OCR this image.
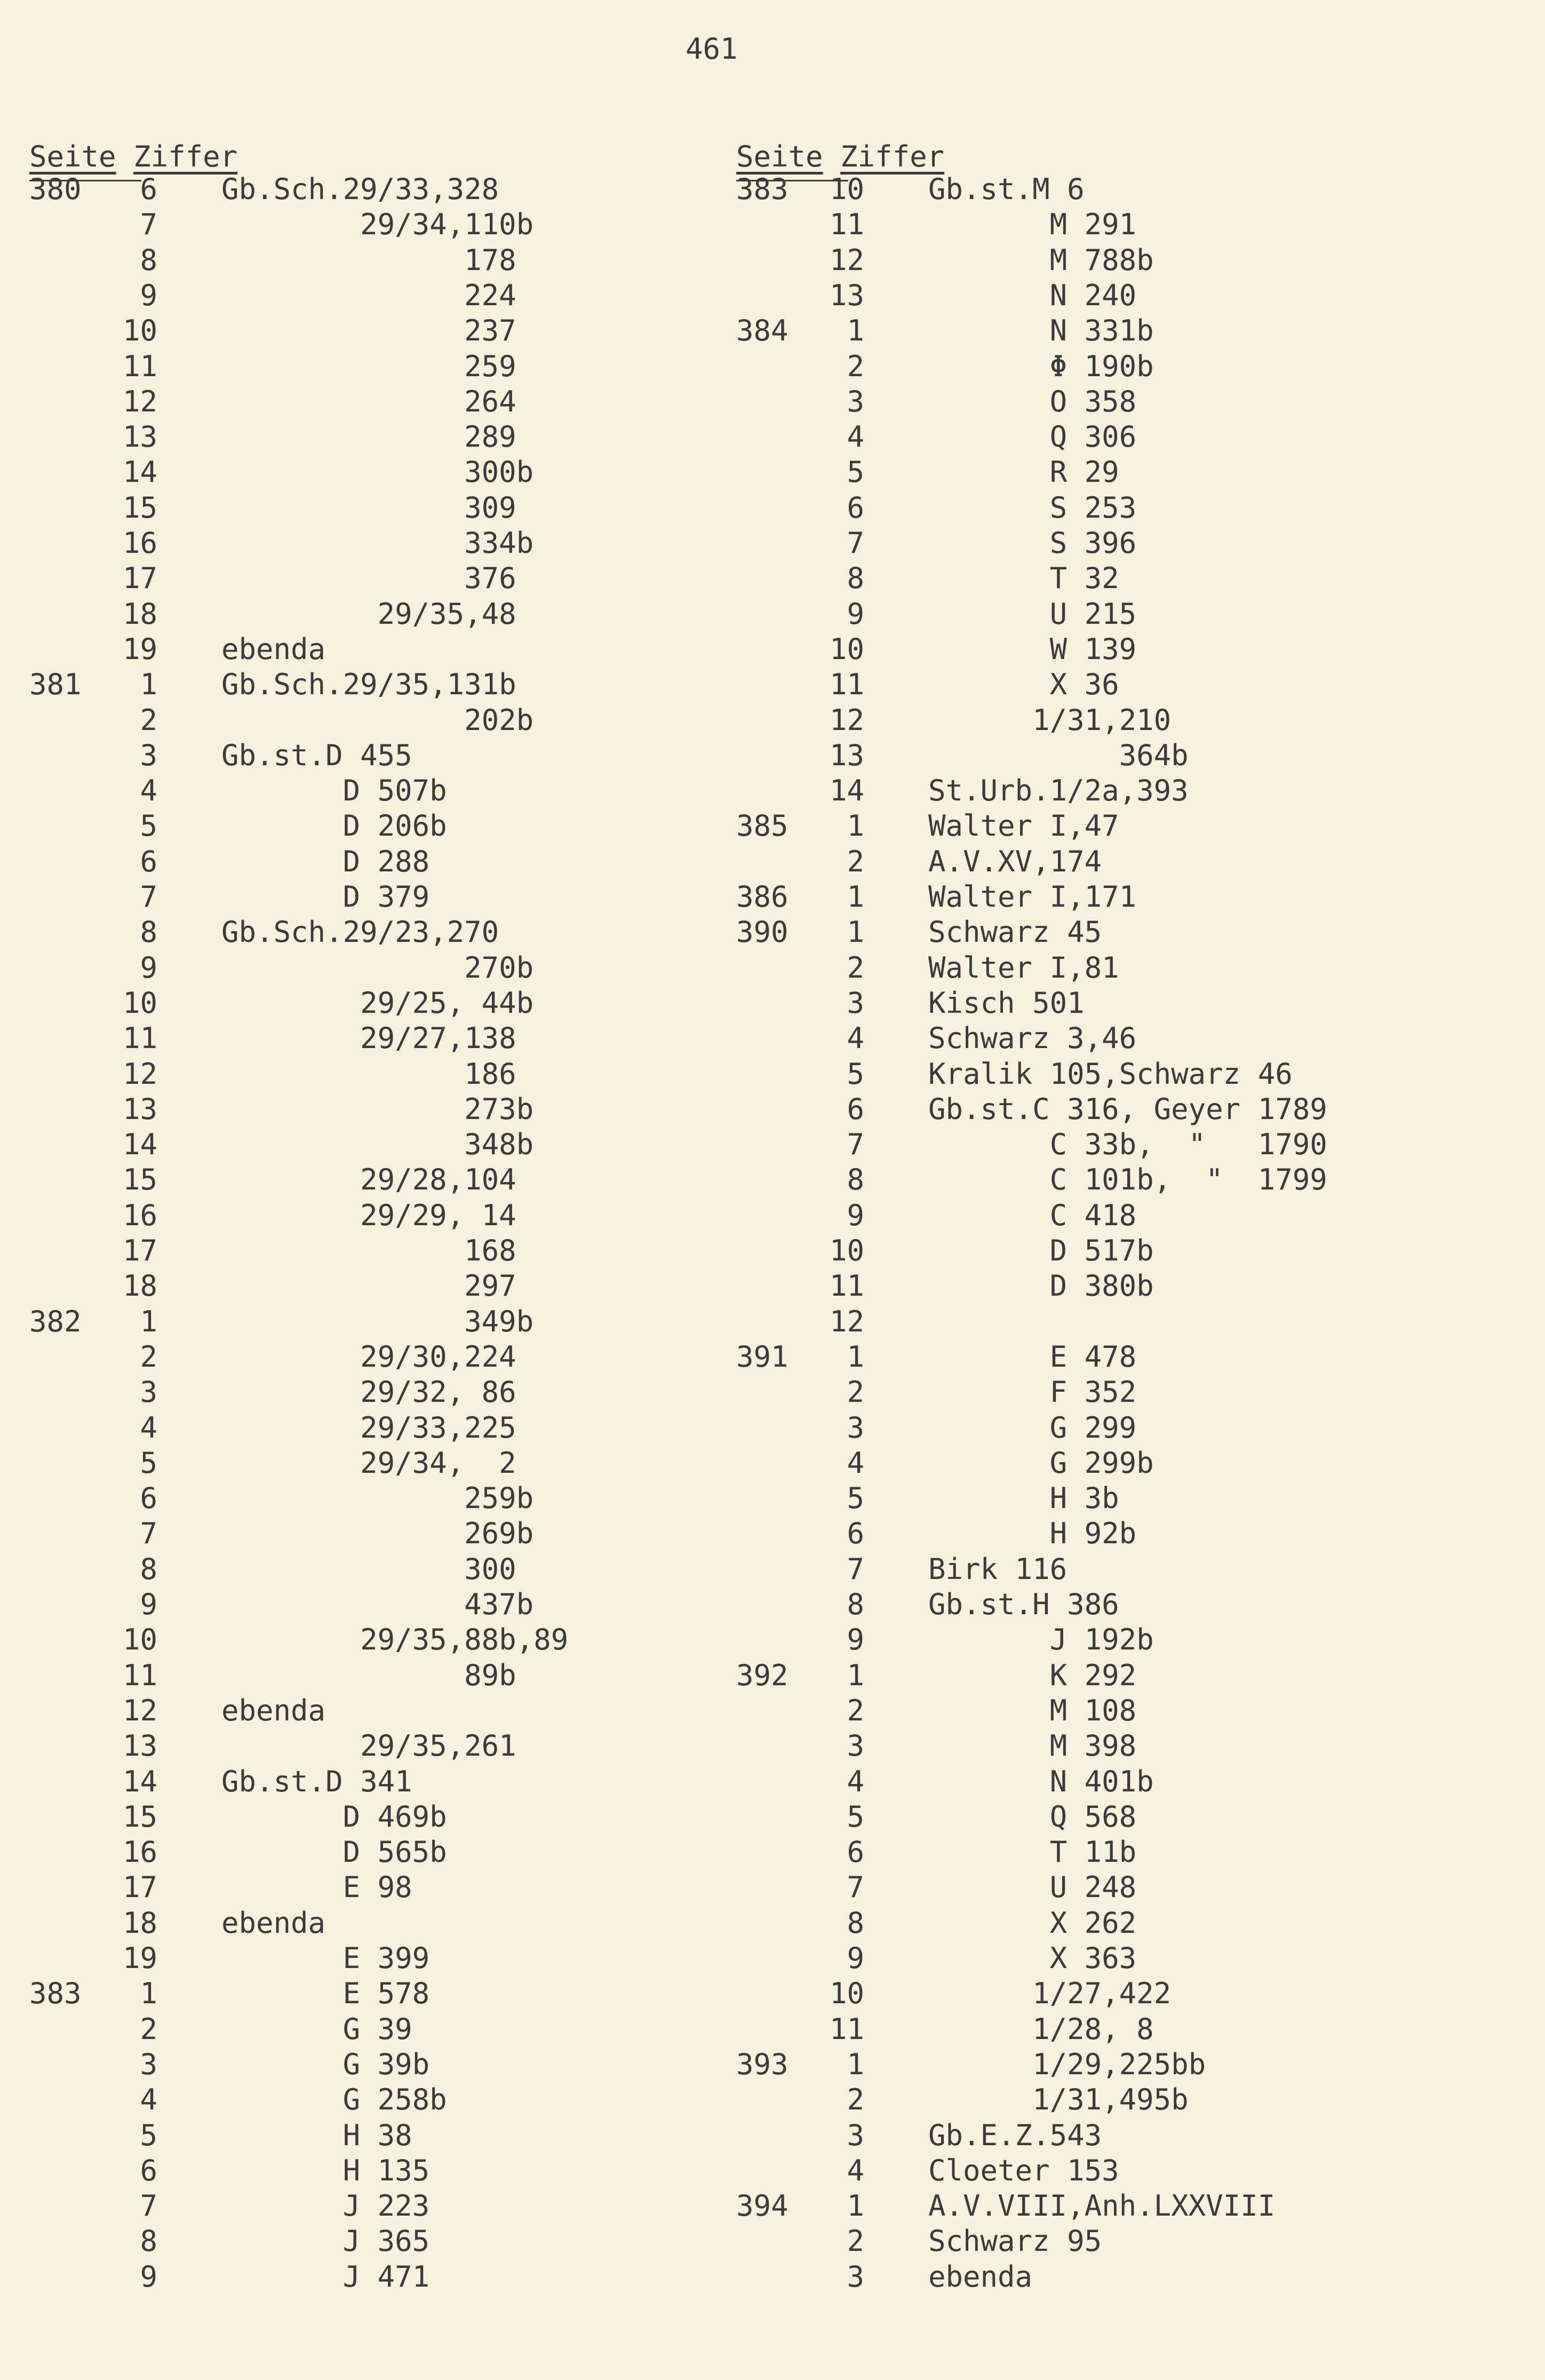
461
Seite Ziffer	Seite Ziffer
380	6 Gb.Sch.29/33,328
7 29/34,110b
8 178
9 224
10 237
11 259
12 264
13 289
14 300b
15 309
16 334b
17 376
18 29/35,48
19 ebenda
381	1 Gb.Sch.29/35,131b
2 202b
3 Gb.st.D 455
4 D 507b
5 D 206b
6 D 288
7 D 379
8 Gb.Sch.29/23,270
9 270b
10 29/25, 44b
11 29/27,138
12 186
13 273b
14 348b
15 29/28,104
16 29/29, 14
17 168
18 297
382	1 349b
2 29/30,224
3 29/32, 86
4 29/33,225
5 29/34,  2
6 259b
7 269b
8 300
9 437b
10 29/35,88b,89
11 89b
12 ebenda
13 29/35,261
14 Gb.st.D 341
15 D 469b
16 D 565b
17 E 98
18 ebenda
19 E 399
383	1 E 578
2 G 39
3 G 39b
4 G 258b
5 H 38
6 H 135
7 J 223
8 J 365
9 J 471
383	10 Gb.st.M 6
11 M 291
12 M 788b
13 N 240
384	1 N 331b
2 Φ 190b
3 O 358
4 Q 306
5 R 29
6 S 253
7 S 396
8 T 32
9 U 215
10 W 139
11 X 36
12 1/31,210
13 364b
14 St.Urb.1/2a,393
385	1 Walter I,47
2 A.V.XV,174
386	1 Walter I,171
390	1 Schwarz 45
2 Walter I,81
3 Kisch 501
4 Schwarz 3,46
5 Kralik 105,Schwarz 46
6 Gb.st.C 316, Geyer 1789
7 C 33b,  "   1790
8 C 101b,  "  1799
9 C 418
10 D 517b
11 D 380b
12
391	1 E 478
2 F 352
3 G 299
4 G 299b
5 H 3b
6 H 92b
7 Birk 116
8 Gb.st.H 386
9 J 192b
392	1 K 292
2 M 108
3 M 398
4 N 401b
5 Q 568
6 T 11b
7 U 248
8 X 262
9 X 363
10 1/27,422
11 1/28, 8
393	1 1/29,225bb
2 1/31,495b
3 Gb.E.Z.543
4 Cloeter 153
394	1 A.V.VIII,Anh.LXXVIII
2 Schwarz 95
3 ebenda
